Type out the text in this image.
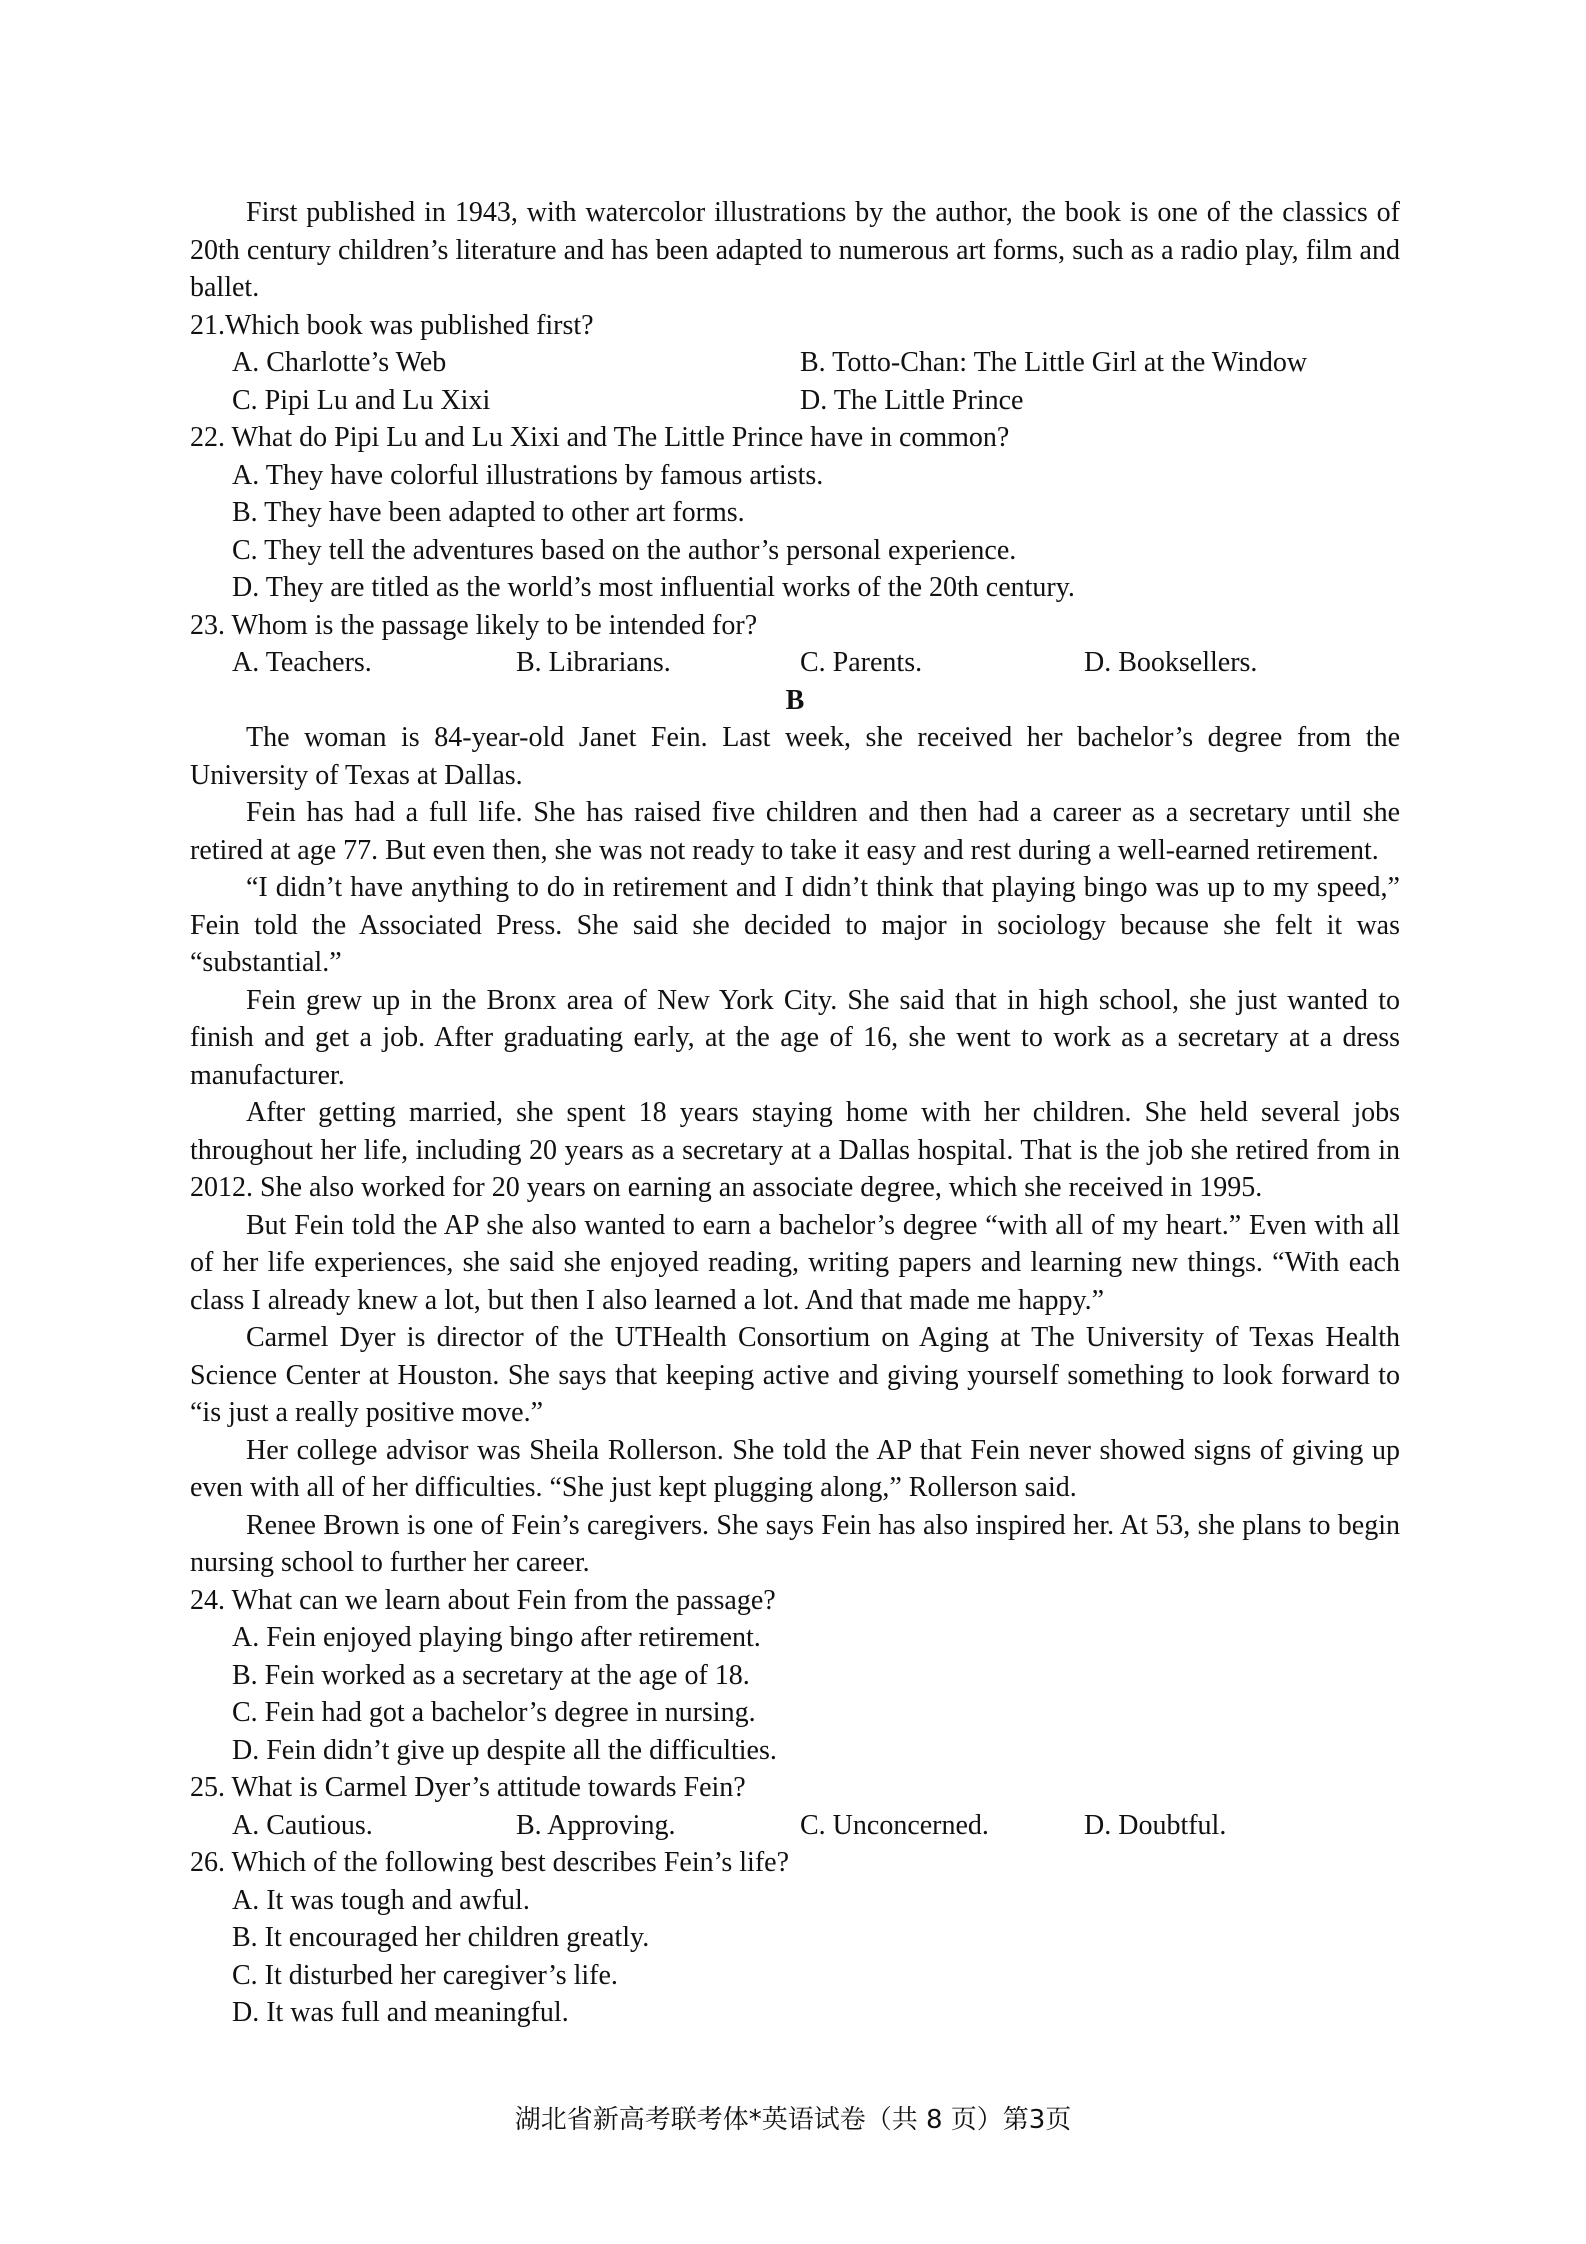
First published in 1943, with watercolor illustrations by the author, the book is one of the classics of 20th century children’s literature and has been adapted to numerous art forms, such as a radio play, film and ballet.

21.Which book was published first?

A. Charlotte’s Web	B. Totto-Chan: The Little Girl at the Window
C. Pipi Lu and Lu Xixi	D. The Little Prince

22. What do Pipi Lu and Lu Xixi and The Little Prince have in common?

A. They have colorful illustrations by famous artists.

B. They have been adapted to other art forms.

C. They tell the adventures based on the author’s personal experience.

D. They are titled as the world’s most influential works of the 20th century.

23. Whom is the passage likely to be intended for?

A. Teachers.	B. Librarians.	C. Parents.	D. Booksellers.

B

The woman is 84-year-old Janet Fein. Last week, she received her bachelor’s degree from the University of Texas at Dallas.

Fein has had a full life. She has raised five children and then had a career as a secretary until she retired at age 77. But even then, she was not ready to take it easy and rest during a well-earned retirement.

“I didn’t have anything to do in retirement and I didn’t think that playing bingo was up to my speed,” Fein told the Associated Press. She said she decided to major in sociology because she felt it was “substantial.”

Fein grew up in the Bronx area of New York City. She said that in high school, she just wanted to finish and get a job. After graduating early, at the age of 16, she went to work as a secretary at a dress manufacturer.

After getting married, she spent 18 years staying home with her children. She held several jobs throughout her life, including 20 years as a secretary at a Dallas hospital. That is the job she retired from in 2012. She also worked for 20 years on earning an associate degree, which she received in 1995.

But Fein told the AP she also wanted to earn a bachelor’s degree “with all of my heart.” Even with all of her life experiences, she said she enjoyed reading, writing papers and learning new things. “With each class I already knew a lot, but then I also learned a lot. And that made me happy.”

Carmel Dyer is director of the UTHealth Consortium on Aging at The University of Texas Health Science Center at Houston. She says that keeping active and giving yourself something to look forward to “is just a really positive move.”

Her college advisor was Sheila Rollerson. She told the AP that Fein never showed signs of giving up even with all of her difficulties. “She just kept plugging along,” Rollerson said.

Renee Brown is one of Fein’s caregivers. She says Fein has also inspired her. At 53, she plans to begin nursing school to further her career.

24. What can we learn about Fein from the passage?

A. Fein enjoyed playing bingo after retirement.

B. Fein worked as a secretary at the age of 18.

C. Fein had got a bachelor’s degree in nursing.

D. Fein didn’t give up despite all the difficulties.

25. What is Carmel Dyer’s attitude towards Fein?

A. Cautious.	B. Approving.	C. Unconcerned.	D. Doubtful.

26. Which of the following best describes Fein’s life?

A. It was tough and awful.

B. It encouraged her children greatly.

C. It disturbed her caregiver’s life.

D. It was full and meaningful.

湖北省新高考联考体*英语试卷（共 8 页）第3页
